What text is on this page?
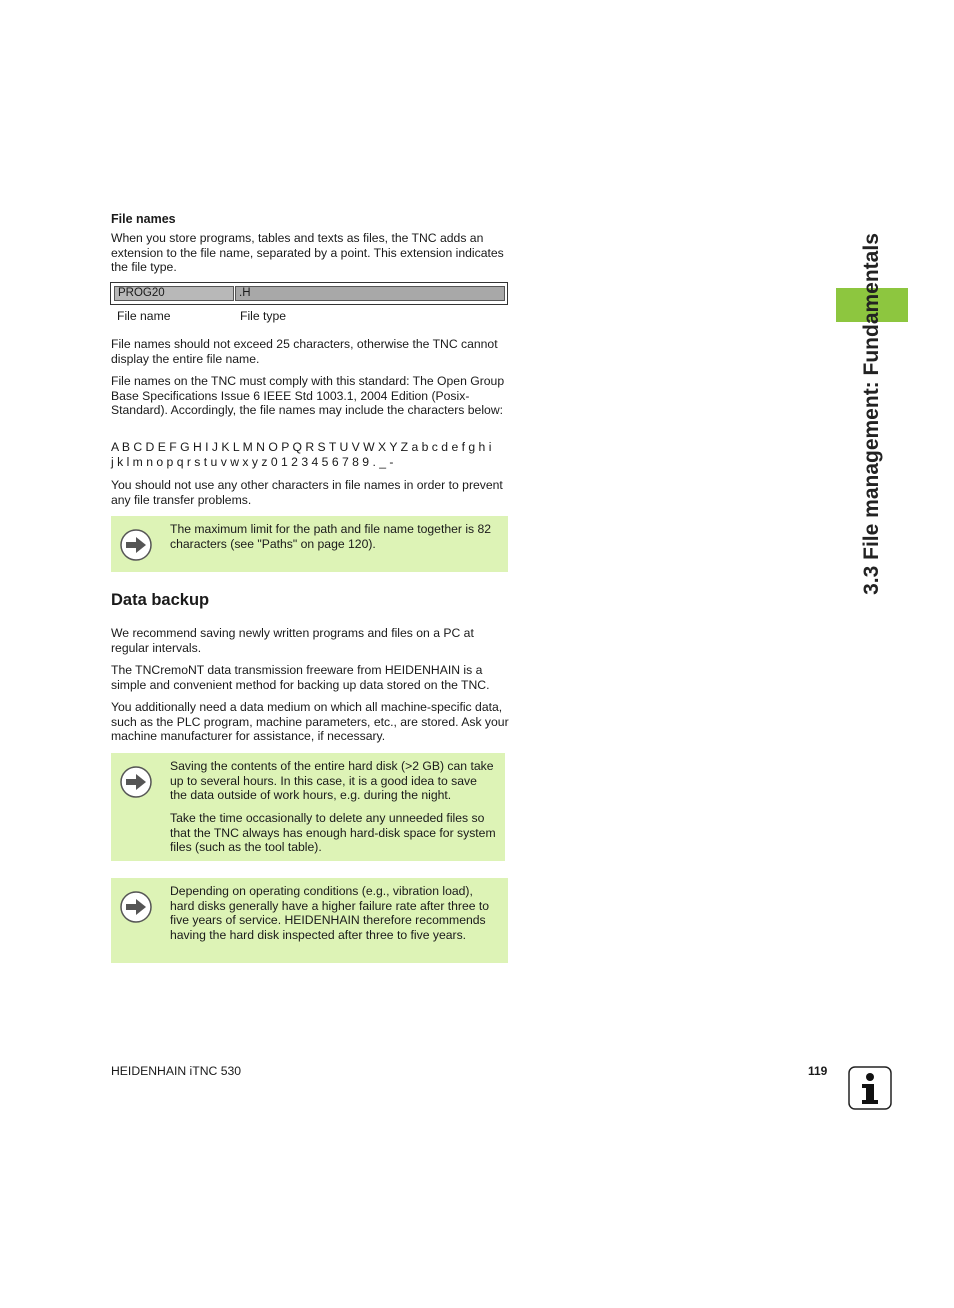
3.3 File management: Fundamentals
File names

When you store programs, tables and texts as files, the TNC adds an extension to the file name, separated by a point. This extension indicates the file type.

PROG20	.H
File name	File type

File names should not exceed 25 characters, otherwise the TNC cannot display the entire file name.

File names on the TNC must comply with this standard: The Open Group Base Specifications Issue 6 IEEE Std 1003.1, 2004 Edition (Posix-Standard). Accordingly, the file names may include the characters below:

A B C D E F G H I J K L M N O P Q R S T U V W X Y Z a b c d e f g h i
j k l m n o p q r s t u v w x y z 0 1 2 3 4 5 6 7 8 9 . _ -

You should not use any other characters in file names in order to prevent any file transfer problems.

The maximum limit for the path and file name together is 82 characters (see "Paths" on page 120).

Data backup

We recommend saving newly written programs and files on a PC at regular intervals.

The TNCremoNT data transmission freeware from HEIDENHAIN is a simple and convenient method for backing up data stored on the TNC.

You additionally need a data medium on which all machine-specific data, such as the PLC program, machine parameters, etc., are stored. Ask your machine manufacturer for assistance, if necessary.

Saving the contents of the entire hard disk (>2 GB) can take up to several hours. In this case, it is a good idea to save the data outside of work hours, e.g. during the night.

Take the time occasionally to delete any unneeded files so that the TNC always has enough hard-disk space for system files (such as the tool table).

Depending on operating conditions (e.g., vibration load), hard disks generally have a higher failure rate after three to five years of service. HEIDENHAIN therefore recommends having the hard disk inspected after three to five years.

HEIDENHAIN iTNC 530	119
